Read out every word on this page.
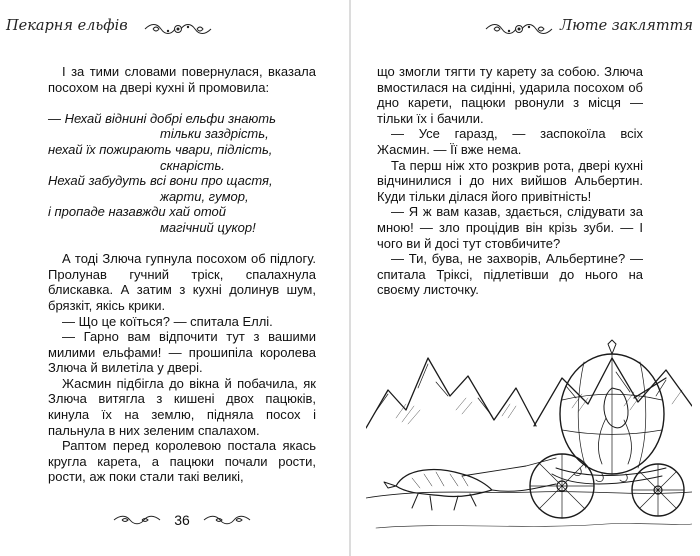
Пекарня ельфів	Люте закляття

І за тими словами повернулася, вказала посохом на двері кухні й промовила:

— Нехай віднині добрі ельфи знають
тільки заздрість,
нехай їх пожирають чвари, підлість,
скнарість.
Нехай забудуть всі вони про щастя,
жарти, гумор,
і пропаде назавжди хай отой
магічний цукор!

А тоді Злюча гупнула посохом об підлогу. Пролунав гучний тріск, спалахнула блискавка. А затим з кухні долинув шум, брязкіт, якісь крики.

— Що це коїться? — спитала Еллі.

— Гарно вам відпочити тут з вашими милими ельфами! — прошипіла королева Злюча й вилетіла у двері.

Жасмин підбігла до вікна й побачила, як Злюча витягла з кишені двох пацюків, кинула їх на землю, підняла посох і пальнула в них зеленим спалахом.

Раптом перед королевою постала якась кругла карета, а пацюки почали рости, рости, аж поки стали такі великі,

що змогли тягти ту карету за собою. Злюча вмостилася на сидінні, ударила посохом об дно карети, пацюки рвонули з місця — тільки їх і бачили.

— Усе гаразд, — заспокоїла всіх Жасмин. — Її вже нема.

Та перш ніж хто розкрив рота, двері кухні відчинилися і до них вийшов Альбертин. Куди тільки ділася його привітність!

— Я ж вам казав, здається, слідувати за мною! — зло процідив він крізь зуби. — І чого ви й досі тут стовбичите?

— Ти, бува, не захворів, Альбертине? — спитала Тріксі, підлетівши до нього на своєму листочку.

36
